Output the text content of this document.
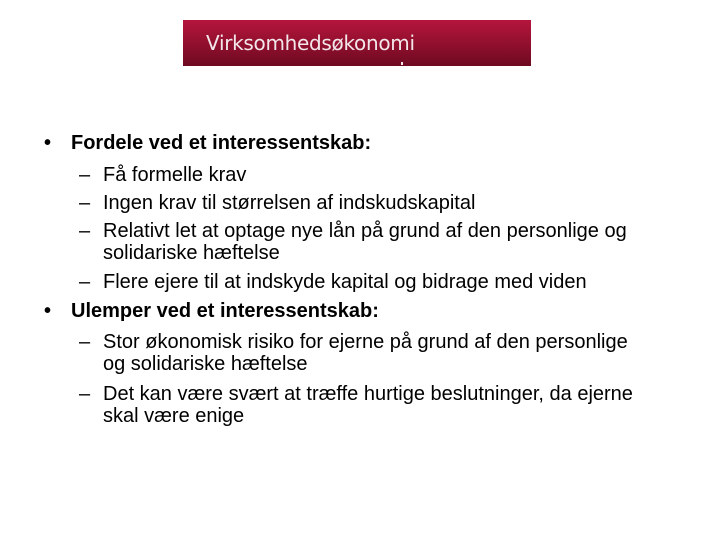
Virksomhedsøkonomi
• Fordele ved et interessentskab:
– Få formelle krav
– Ingen krav til størrelsen af indskudskapital
– Relativt let at optage nye lån på grund af den personlige og
solidariske hæftelse
– Flere ejere til at indskyde kapital og bidrage med viden
• Ulemper ved et interessentskab:
– Stor økonomisk risiko for ejerne på grund af den personlige
og solidariske hæftelse
– Det kan være svært at træffe hurtige beslutninger, da ejerne
skal være enige
